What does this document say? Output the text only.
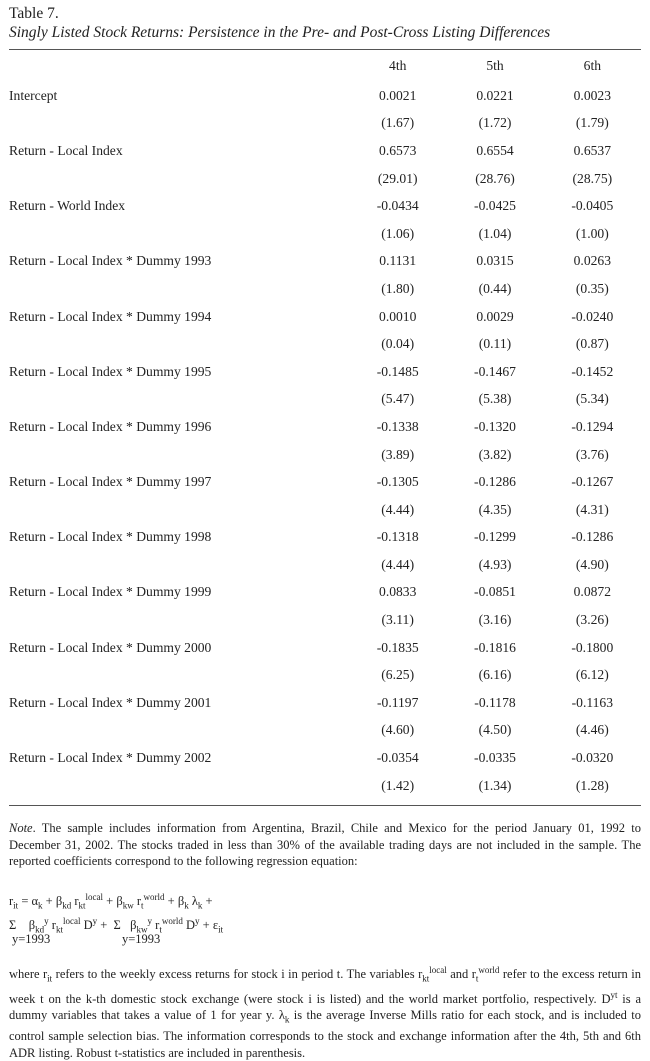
Table 7.
Singly Listed Stock Returns: Persistence in the Pre- and Post-Cross Listing Differences
	4th	5th	6th
Intercept	0.0021	0.0221	0.0023
	(1.67)	(1.72)	(1.79)
Return - Local Index	0.6573	0.6554	0.6537
	(29.01)	(28.76)	(28.75)
Return - World Index	-0.0434	-0.0425	-0.0405
	(1.06)	(1.04)	(1.00)
Return - Local Index * Dummy 1993	0.1131	0.0315	0.0263
	(1.80)	(0.44)	(0.35)
Return - Local Index * Dummy 1994	0.0010	0.0029	-0.0240
	(0.04)	(0.11)	(0.87)
Return - Local Index * Dummy 1995	-0.1485	-0.1467	-0.1452
	(5.47)	(5.38)	(5.34)
Return - Local Index * Dummy 1996	-0.1338	-0.1320	-0.1294
	(3.89)	(3.82)	(3.76)
Return - Local Index * Dummy 1997	-0.1305	-0.1286	-0.1267
	(4.44)	(4.35)	(4.31)
Return - Local Index * Dummy 1998	-0.1318	-0.1299	-0.1286
	(4.44)	(4.93)	(4.90)
Return - Local Index * Dummy 1999	0.0833	-0.0851	0.0872
	(3.11)	(3.16)	(3.26)
Return - Local Index * Dummy 2000	-0.1835	-0.1816	-0.1800
	(6.25)	(6.16)	(6.12)
Return - Local Index * Dummy 2001	-0.1197	-0.1178	-0.1163
	(4.60)	(4.50)	(4.46)
Return - Local Index * Dummy 2002	-0.0354	-0.0335	-0.0320
	(1.42)	(1.34)	(1.28)
Note. The sample includes information from Argentina, Brazil, Chile and Mexico for the period January 01, 1992 to December 31, 2002. The stocks traded in less than 30% of the available trading days are not included in the sample. The reported coefficients correspond to the following regression equation:
$r_{it} = \alpha_k + \beta_{kd}$ $r_{kt}^{local} + \beta_{kw}$ $r_t^{world} + \beta_k$ $\lambda_k$ +
Σ    $\beta_{kd}^y$ $r_{kt}^{local}$ $D^y + \Sigma$   $\beta_{kw}^y$ $r_t^{world}$ $D^y + \varepsilon_{it}$
y=1993	y=1993
where $r_{it}$ refers to the weekly excess returns for stock i in period t. The variables $r_{kt}^{local}$ and $r_t^{world}$ refer to the excess return in week t on the k-th domestic stock exchange (were stock i is listed) and the world market portfolio, respectively. $D^{yt}$ is a dummy variables that takes a value of 1 for year y. $\lambda_k$ is the average Inverse Mills ratio for each stock, and is included to control sample selection bias. The information corresponds to the stock and exchange information after the 4th, 5th and 6th ADR listing. Robust t-statistics are included in parenthesis.
